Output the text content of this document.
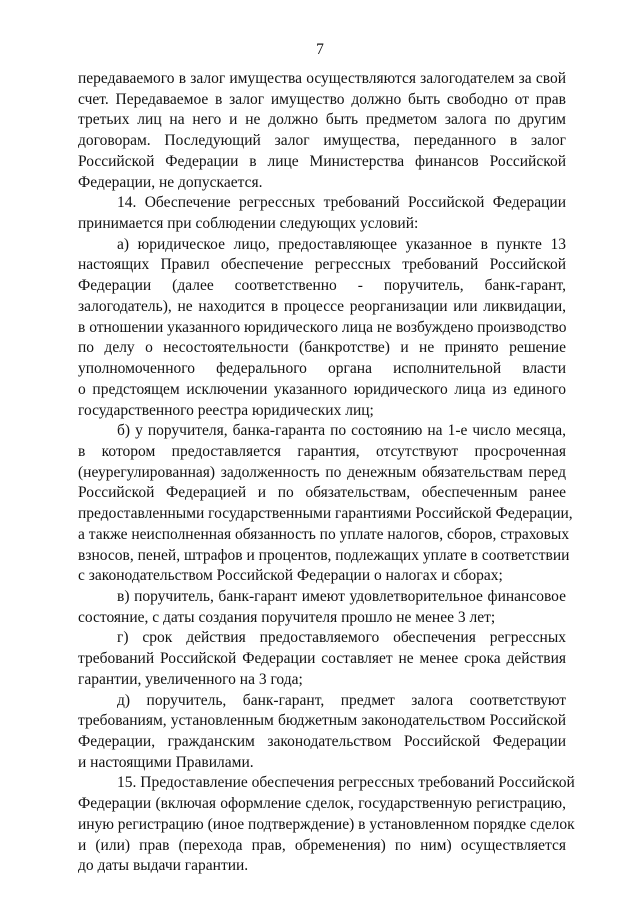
7
передаваемого в залог имущества осуществляются залогодателем за свой
счет. Передаваемое в залог имущество должно быть свободно от прав
третьих лиц на него и не должно быть предметом залога по другим
договорам. Последующий залог имущества, переданного в залог
Российской Федерации в лице Министерства финансов Российской
Федерации, не допускается.
14. Обеспечение регрессных требований Российской Федерации
принимается при соблюдении следующих условий:
а) юридическое лицо, предоставляющее указанное в пункте 13
настоящих Правил обеспечение регрессных требований Российской
Федерации (далее соответственно - поручитель, банк-гарант,
залогодатель), не находится в процессе реорганизации или ликвидации,
в отношении указанного юридического лица не возбуждено производство
по делу о несостоятельности (банкротстве) и не принято решение
уполномоченного федерального органа исполнительной власти
о предстоящем исключении указанного юридического лица из единого
государственного реестра юридических лиц;
б) у поручителя, банка-гаранта по состоянию на 1-е число месяца,
в котором предоставляется гарантия, отсутствуют просроченная
(неурегулированная) задолженность по денежным обязательствам перед
Российской Федерацией и по обязательствам, обеспеченным ранее
предоставленными государственными гарантиями Российской Федерации,
а также неисполненная обязанность по уплате налогов, сборов, страховых
взносов, пеней, штрафов и процентов, подлежащих уплате в соответствии
с законодательством Российской Федерации о налогах и сборах;
в) поручитель, банк-гарант имеют удовлетворительное финансовое
состояние, с даты создания поручителя прошло не менее 3 лет;
г) срок действия предоставляемого обеспечения регрессных
требований Российской Федерации составляет не менее срока действия
гарантии, увеличенного на 3 года;
д) поручитель, банк-гарант, предмет залога соответствуют
требованиям, установленным бюджетным законодательством Российской
Федерации, гражданским законодательством Российской Федерации
и настоящими Правилами.
15. Предоставление обеспечения регрессных требований Российской
Федерации (включая оформление сделок, государственную регистрацию,
иную регистрацию (иное подтверждение) в установленном порядке сделок
и (или) прав (перехода прав, обременения) по ним) осуществляется
до даты выдачи гарантии.
